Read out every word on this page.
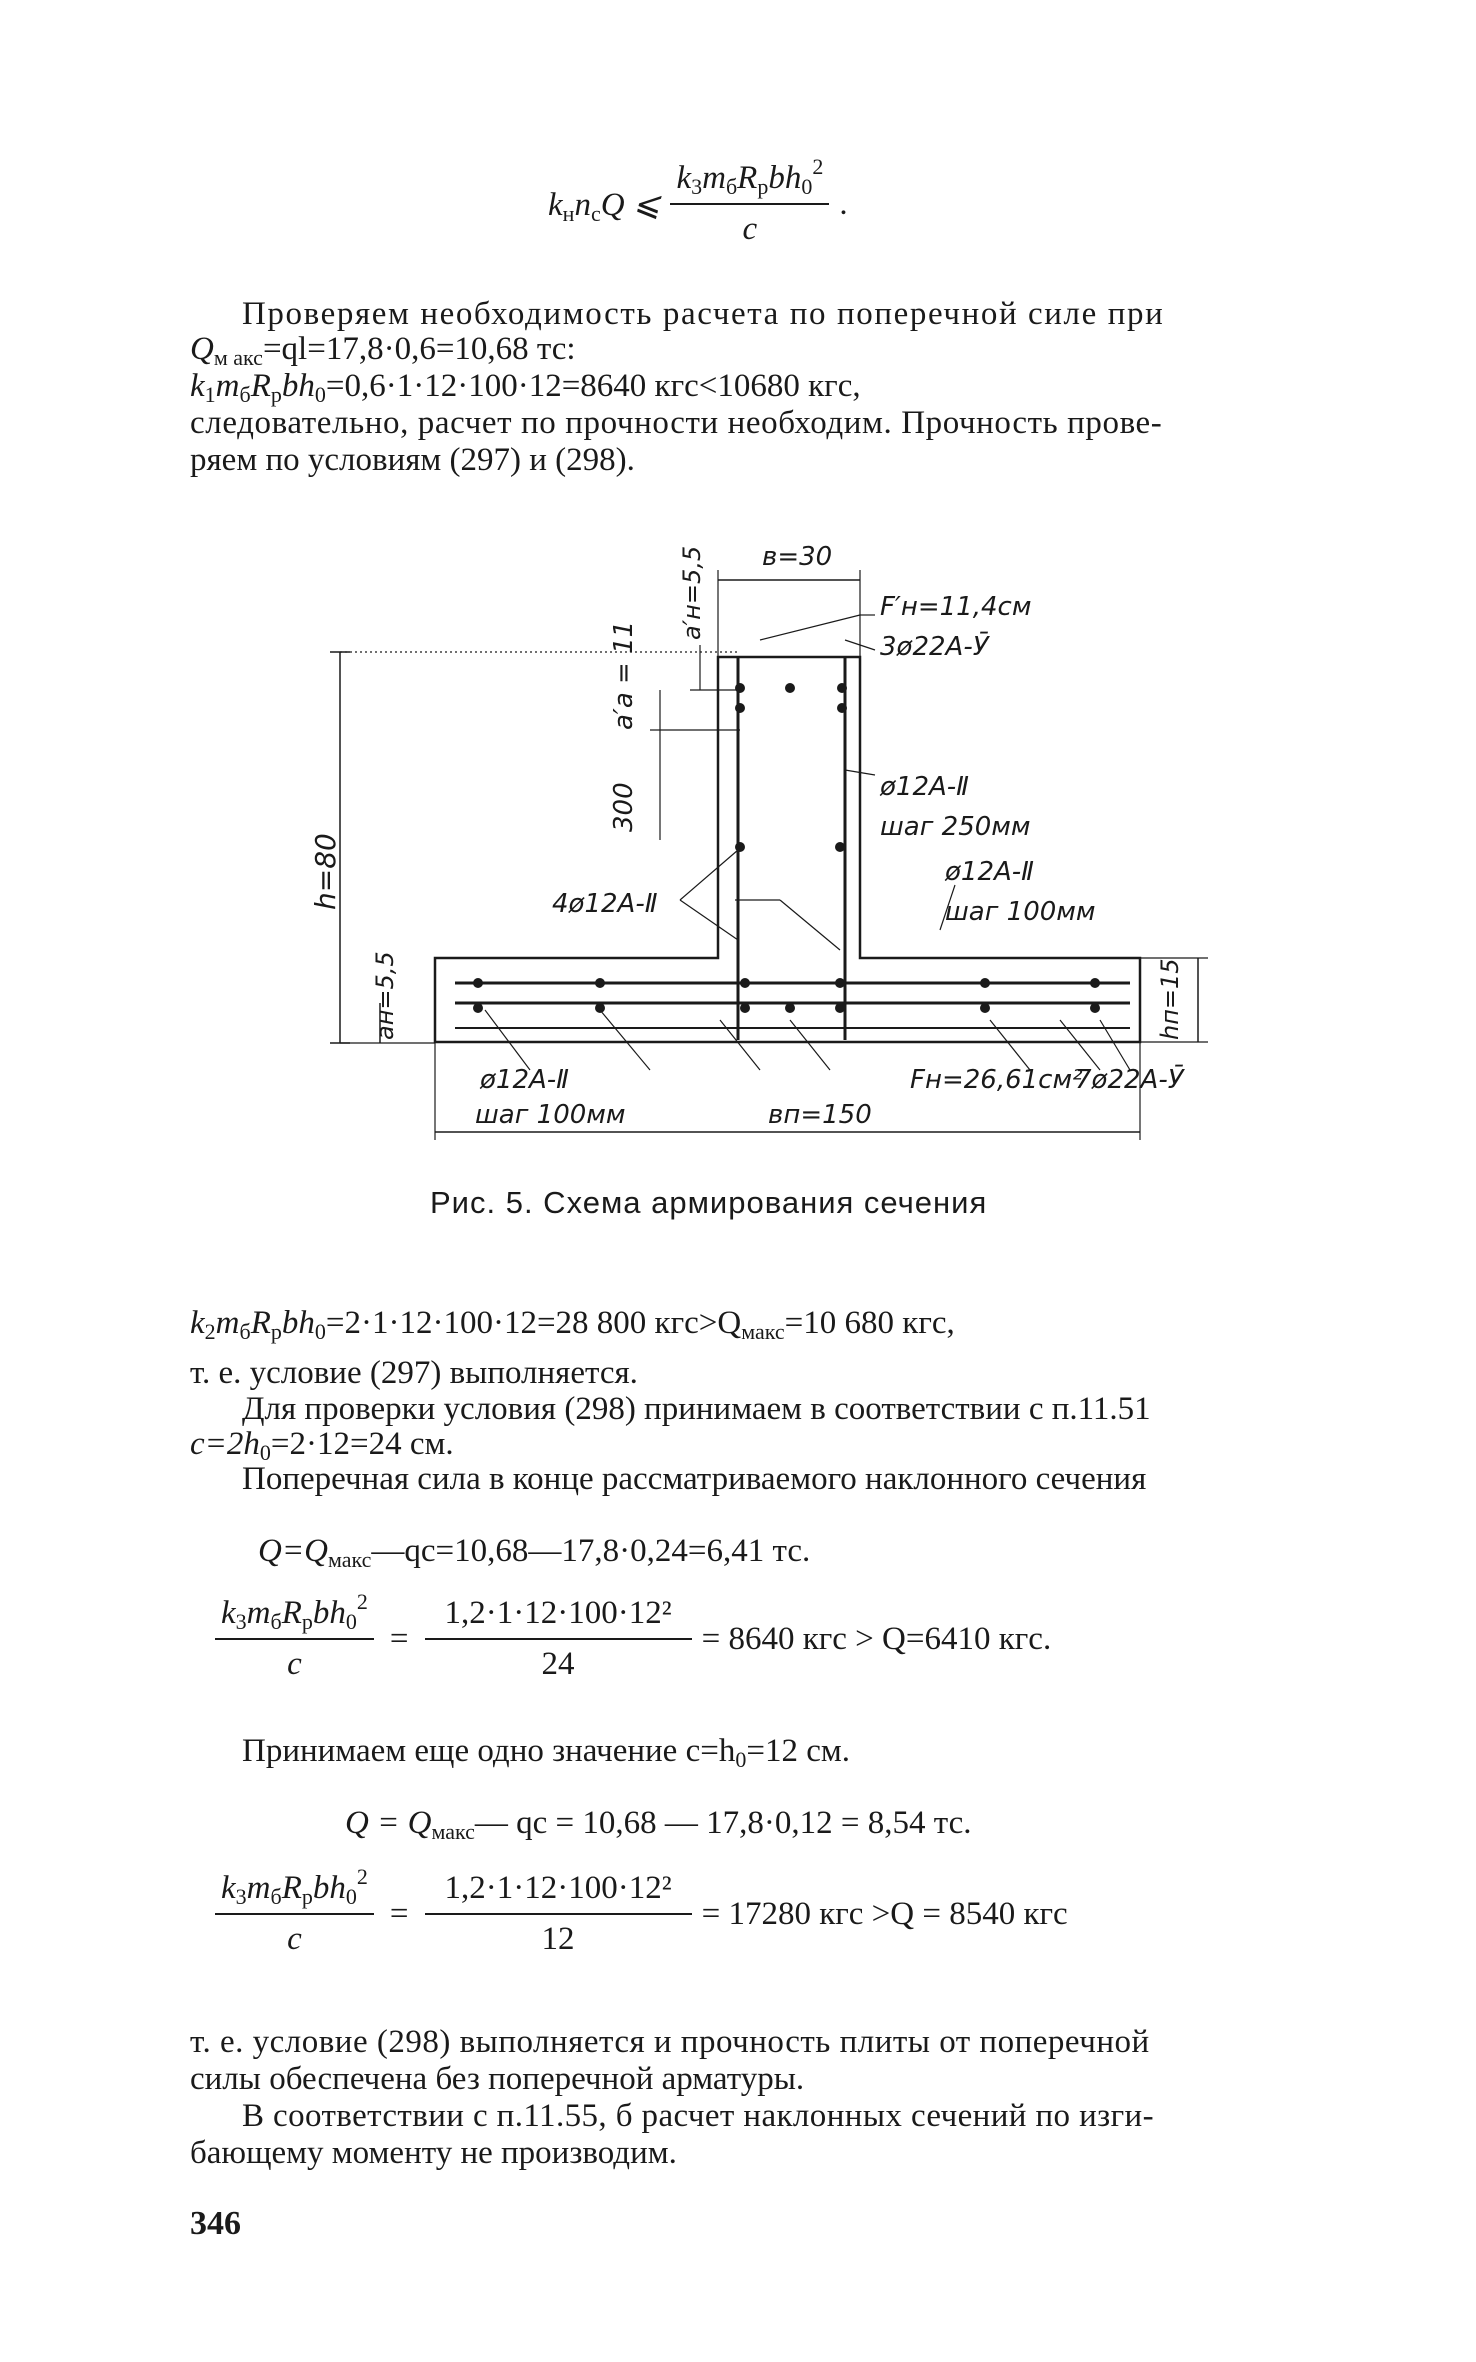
$k_нn_сQ$ ⩽ $\frac{k_3m_бR_рbh_0^2}{c}$ .
Проверяем необходимость расчета по поперечной силе при
$Q_{м акс}=ql=17,8\cdot 0,6=10,68$ тс:
$k_1m_бR_рbh_0=0,6\cdot 1\cdot 12\cdot 100\cdot 12=8640$ кгс<10680 кгс,
следовательно, расчет по прочности необходим. Прочность прове-
ряем по условиям (297) и (298).
в=30
a′н=5,5	F′н=11,4см
3ø22А-Ӯ
a′a = 11
300
h=80
ø12А-Ⅱ
шаг 250мм
ø12А-Ⅱ
шаг 100мм
4ø12А-Ⅱ
aн=5,5	hп=15
ø12А-Ⅱ
шаг 100мм	вп=150
Fн=26,61см²
7ø22А-Ӯ
Рис. 5. Схема армирования сечения
$k_2m_бR_рbh_0=2\cdot 1\cdot 12\cdot 100\cdot 12=28$ 800 $кгс>Q_{макс}=10$ 680 кгс,
т. е. условие (297) выполняется.
Для проверки условия (298) принимаем в соответствии с п.11.51
$c=2h_0=2\cdot 12=24$ см.
Поперечная сила в конце рассматриваемого наклонного сечения
$Q=Q_{макс}—qc=10,68—17,8\cdot 0,24=6,41$ тс.
$\frac{k_3m_бR_рbh_0^2}{c} = \frac{\text{1,2·1·12·100·12²}}{24} = 8640$ кгс > Q=6410 кгс.
Принимаем еще одно значение $c=h_0=12$ см.
$Q = Q_{макс}—$ qc = 10,68 — 17,8·0,12 = 8,54 тс.
$\frac{k_3m_бR_рbh_0^2}{c} = \frac{\text{1,2·1·12·100·12²}}{12} = 17280$ кгс >Q = 8540 кгс
т. е. условие (298) выполняется и прочность плиты от поперечной
силы обеспечена без поперечной арматуры.
В соответствии с п.11.55, б расчет наклонных сечений по изги-
бающему моменту не производим.
346
